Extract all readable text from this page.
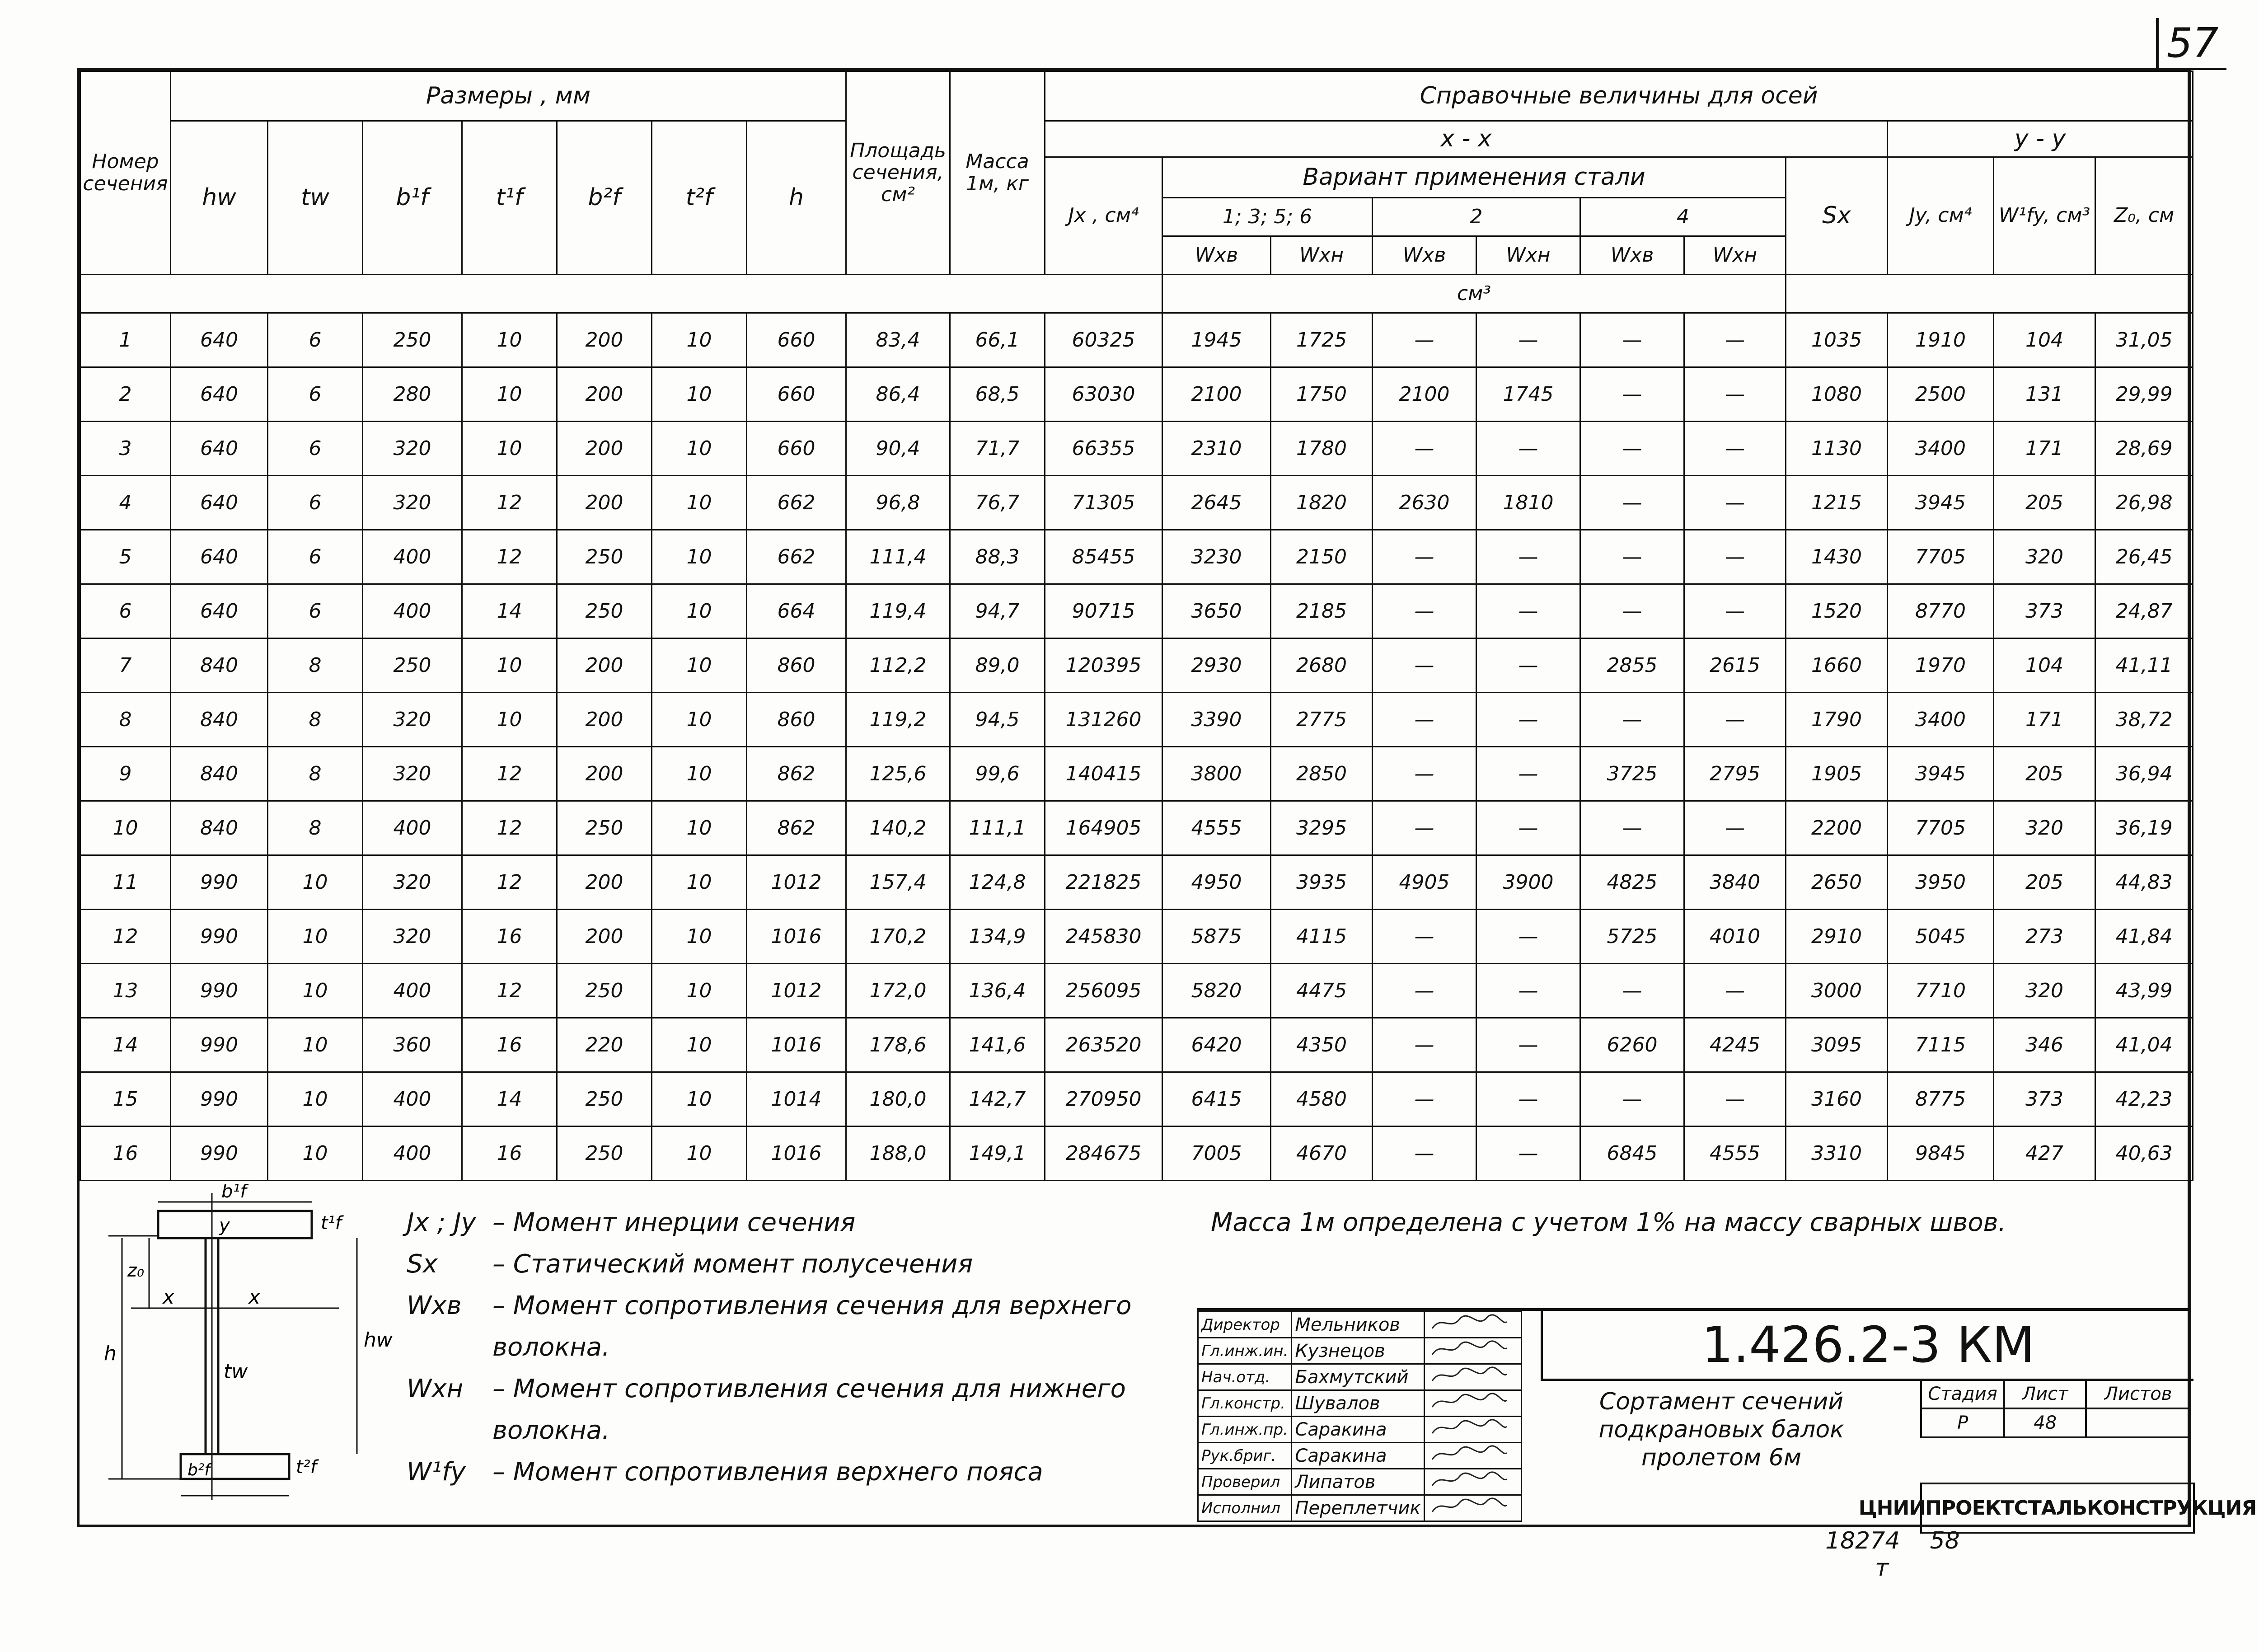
57
Номер сечения	Размеры , мм							Площадь сечения, см²	Масса 1м, кг	Справочные величины для осей										
	hw	tw	b¹f	t¹f	b²f	t²f	h			x - x								y - y		
										Jx , см⁴	Вариант применения стали						Sx	Jy, см⁴	W¹fy, см³	Z₀, см
											1; 3; 5; 6		2		4					
											Wxв	Wxн	Wxв	Wxн	Wxв	Wxн				
											см³									
1	640	6	250	10	200	10	660	83,4	66,1	60325	1945	1725	—	—	—	—	1035	1910	104	31,05
2	640	6	280	10	200	10	660	86,4	68,5	63030	2100	1750	2100	1745	—	—	1080	2500	131	29,99
3	640	6	320	10	200	10	660	90,4	71,7	66355	2310	1780	—	—	—	—	1130	3400	171	28,69
4	640	6	320	12	200	10	662	96,8	76,7	71305	2645	1820	2630	1810	—	—	1215	3945	205	26,98
5	640	6	400	12	250	10	662	111,4	88,3	85455	3230	2150	—	—	—	—	1430	7705	320	26,45
6	640	6	400	14	250	10	664	119,4	94,7	90715	3650	2185	—	—	—	—	1520	8770	373	24,87
7	840	8	250	10	200	10	860	112,2	89,0	120395	2930	2680	—	—	2855	2615	1660	1970	104	41,11
8	840	8	320	10	200	10	860	119,2	94,5	131260	3390	2775	—	—	—	—	1790	3400	171	38,72
9	840	8	320	12	200	10	862	125,6	99,6	140415	3800	2850	—	—	3725	2795	1905	3945	205	36,94
10	840	8	400	12	250	10	862	140,2	111,1	164905	4555	3295	—	—	—	—	2200	7705	320	36,19
11	990	10	320	12	200	10	1012	157,4	124,8	221825	4950	3935	4905	3900	4825	3840	2650	3950	205	44,83
12	990	10	320	16	200	10	1016	170,2	134,9	245830	5875	4115	—	—	5725	4010	2910	5045	273	41,84
13	990	10	400	12	250	10	1012	172,0	136,4	256095	5820	4475	—	—	—	—	3000	7710	320	43,99
14	990	10	360	16	220	10	1016	178,6	141,6	263520	6420	4350	—	—	6260	4245	3095	7115	346	41,04
15	990	10	400	14	250	10	1014	180,0	142,7	270950	6415	4580	—	—	—	—	3160	8775	373	42,23
16	990	10	400	16	250	10	1016	188,0	149,1	284675	7005	4670	—	—	6845	4555	3310	9845	427	40,63
b¹f
t¹f
y
x	x
z₀
h
hw
tw
b²f	t²f
Jx ; Jy – Момент инерции сечения
Sx	– Статический момент полусечения
Wxв	– Момент сопротивления сечения для верхнего волокна.
Wxн	– Момент сопротивления сечения для нижнего волокна.
W¹fy	– Момент сопротивления верхнего пояса
Масса 1м определена с учетом 1% на массу сварных швов.
Директор	Мельников	
Гл.инж.ин.	Кузнецов	
Нач.отд.	Бахмутский	
Гл.констр.	Шувалов	
Гл.инж.пр.	Саракина	
Рук.бриг.	Саракина	
Проверил	Липатов	
Исполнил	Переплетчик	
1.426.2-3 КМ
Сортамент сечений подкрановых балок пролетом 6м
Стадия	Лист	Листов
Р	48	
ЦНИИПРОЕКТСТАЛЬКОНСТРУКЦИЯ
18274 58
т
